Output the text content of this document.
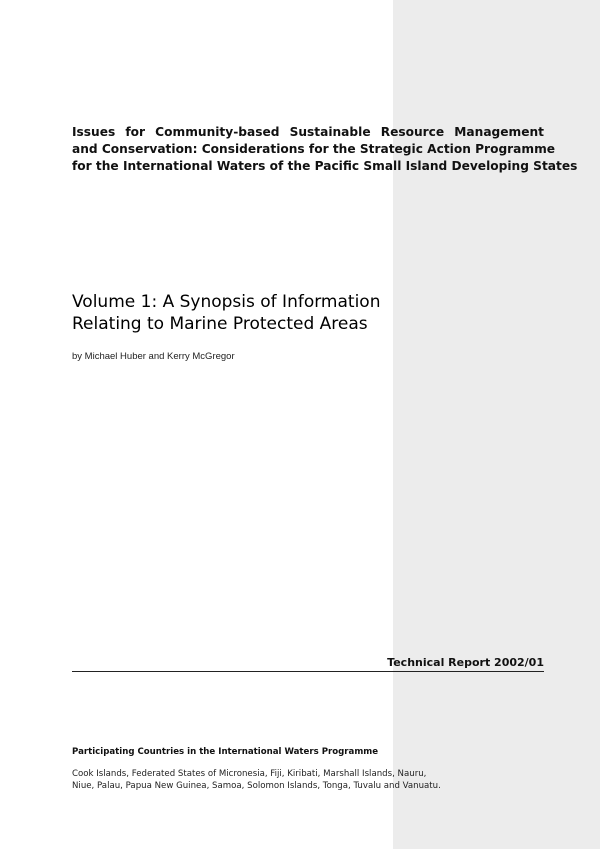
Issues for Community-based Sustainable Resource Management
and Conservation: Considerations for the Strategic Action Programme
for the International Waters of the Pacific Small Island Developing States
Volume 1: A Synopsis of Information
Relating to Marine Protected Areas
by Michael Huber and Kerry McGregor
Technical Report 2002/01
Participating Countries in the International Waters Programme
Cook Islands, Federated States of Micronesia, Fiji, Kiribati, Marshall Islands, Nauru,
Niue, Palau, Papua New Guinea, Samoa, Solomon Islands, Tonga, Tuvalu and Vanuatu.
